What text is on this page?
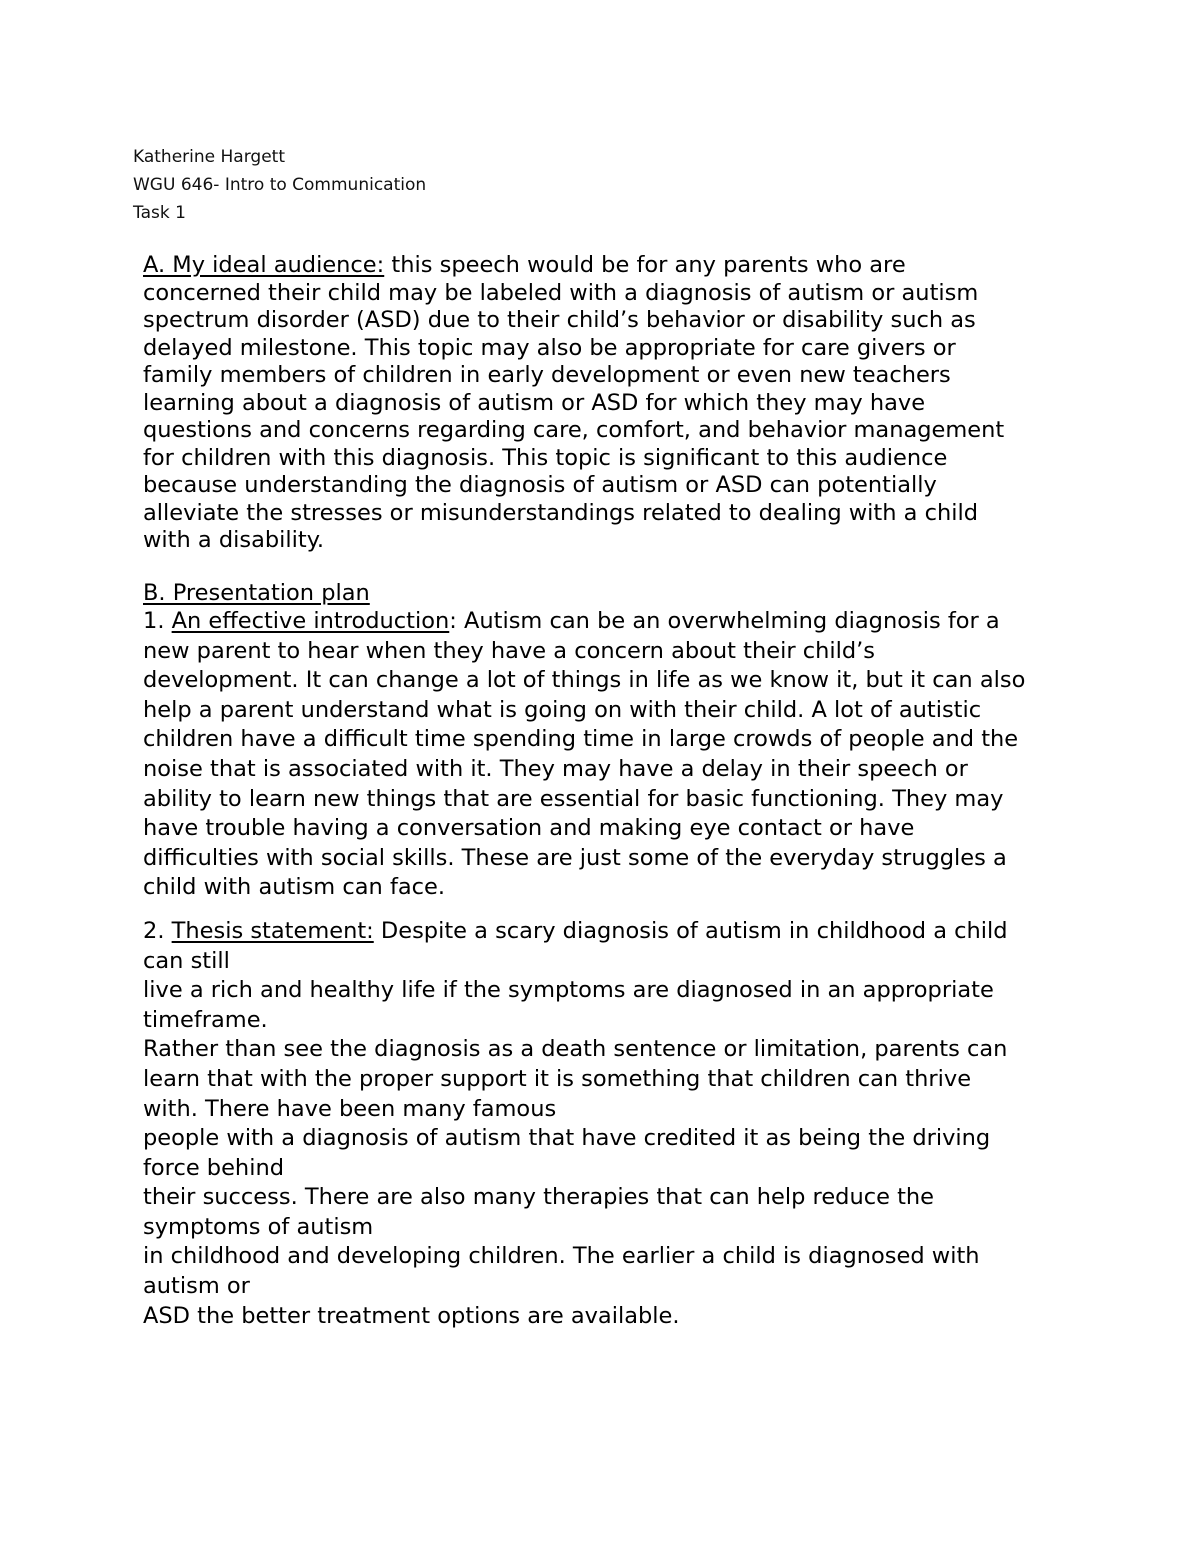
Katherine Hargett
WGU 646- Intro to Communication
Task 1
A. My ideal audience: this speech would be for any parents who are
concerned their child may be labeled with a diagnosis of autism or autism
spectrum disorder (ASD) due to their child’s behavior or disability such as
delayed milestone. This topic may also be appropriate for care givers or
family members of children in early development or even new teachers
learning about a diagnosis of autism or ASD for which they may have
questions and concerns regarding care, comfort, and behavior management
for children with this diagnosis. This topic is significant to this audience
because understanding the diagnosis of autism or ASD can potentially
alleviate the stresses or misunderstandings related to dealing with a child
with a disability.
B. Presentation plan
1. An effective introduction: Autism can be an overwhelming diagnosis for a
new parent to hear when they have a concern about their child’s
development. It can change a lot of things in life as we know it, but it can also
help a parent understand what is going on with their child. A lot of autistic
children have a difficult time spending time in large crowds of people and the
noise that is associated with it. They may have a delay in their speech or
ability to learn new things that are essential for basic functioning. They may
have trouble having a conversation and making eye contact or have
difficulties with social skills. These are just some of the everyday struggles a
child with autism can face.
2. Thesis statement: Despite a scary diagnosis of autism in childhood a child
can still
live a rich and healthy life if the symptoms are diagnosed in an appropriate
timeframe.
Rather than see the diagnosis as a death sentence or limitation, parents can
learn that with the proper support it is something that children can thrive
with. There have been many famous
people with a diagnosis of autism that have credited it as being the driving
force behind
their success. There are also many therapies that can help reduce the
symptoms of autism
in childhood and developing children. The earlier a child is diagnosed with
autism or
ASD the better treatment options are available.
